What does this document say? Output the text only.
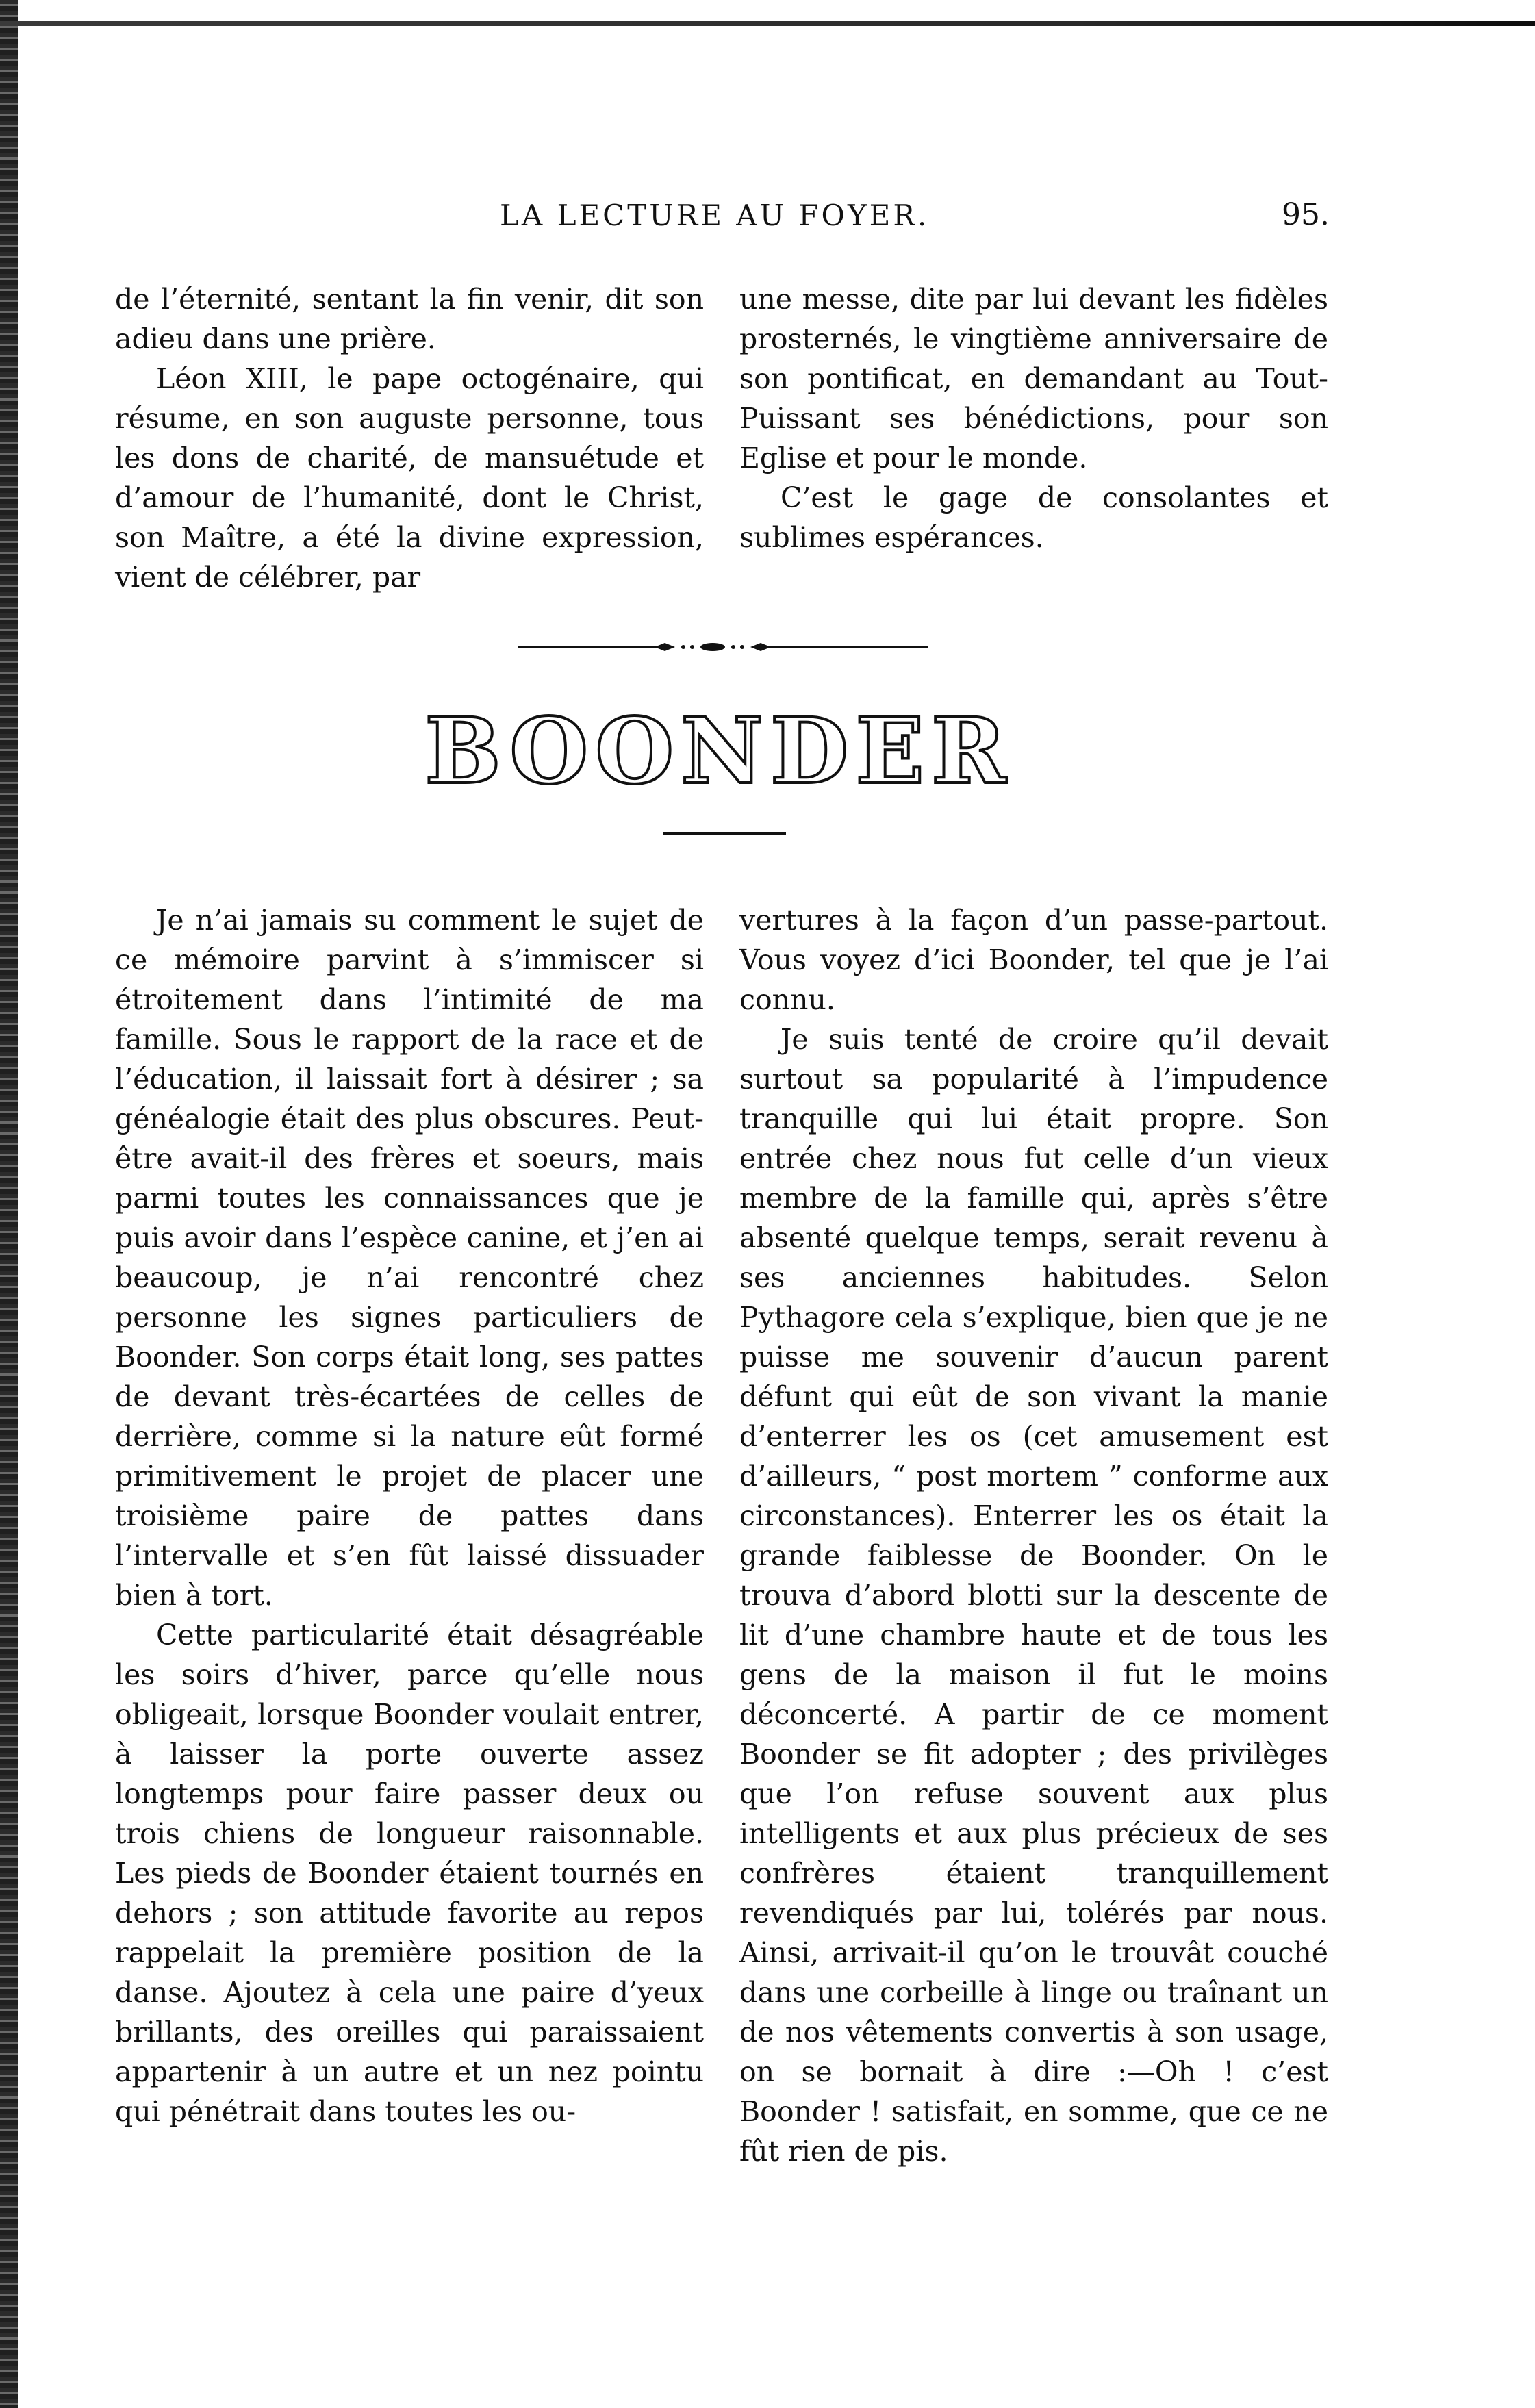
LA LECTURE AU FOYER.	95.

de l’éternité, sentant la fin venir, dit son adieu dans une prière.

Léon XIII, le pape octogénaire, qui résume, en son auguste personne, tous les dons de charité, de mansuétude et d’amour de l’humanité, dont le Christ, son Maître, a été la divine expression, vient de célébrer, par

une messe, dite par lui devant les fidèles prosternés, le vingtième anniversaire de son pontificat, en demandant au Tout-Puissant ses bénédictions, pour son Eglise et pour le monde.

C’est le gage de consolantes et sublimes espérances.

BOONDER

Je n’ai jamais su comment le sujet de ce mémoire parvint à s’immiscer si étroitement dans l’intimité de ma famille. Sous le rapport de la race et de l’éducation, il laissait fort à désirer ; sa généalogie était des plus obscures. Peut-être avait-il des frères et soeurs, mais parmi toutes les connaissances que je puis avoir dans l’espèce canine, et j’en ai beaucoup, je n’ai rencontré chez personne les signes particuliers de Boonder. Son corps était long, ses pattes de devant très-écartées de celles de derrière, comme si la nature eût formé primitivement le projet de placer une troisième paire de pattes dans l’intervalle et s’en fût laissé dissuader bien à tort.

Cette particularité était désagréable les soirs d’hiver, parce qu’elle nous obligeait, lorsque Boonder voulait entrer, à laisser la porte ouverte assez longtemps pour faire passer deux ou trois chiens de longueur raisonnable. Les pieds de Boonder étaient tournés en dehors ; son attitude favorite au repos rappelait la première position de la danse. Ajoutez à cela une paire d’yeux brillants, des oreilles qui paraissaient appartenir à un autre et un nez pointu qui pénétrait dans toutes les ou-

vertures à la façon d’un passe-partout. Vous voyez d’ici Boonder, tel que je l’ai connu.

Je suis tenté de croire qu’il devait surtout sa popularité à l’impudence tranquille qui lui était propre. Son entrée chez nous fut celle d’un vieux membre de la famille qui, après s’être absenté quelque temps, serait revenu à ses anciennes habitudes. Selon Pythagore cela s’explique, bien que je ne puisse me souvenir d’aucun parent défunt qui eût de son vivant la manie d’enterrer les os (cet amusement est d’ailleurs, “ post mortem ” conforme aux circonstances). Enterrer les os était la grande faiblesse de Boonder. On le trouva d’abord blotti sur la descente de lit d’une chambre haute et de tous les gens de la maison il fut le moins déconcerté. A partir de ce moment Boonder se fit adopter ; des privilèges que l’on refuse souvent aux plus intelligents et aux plus précieux de ses confrères étaient tranquillement revendiqués par lui, tolérés par nous. Ainsi, arrivait-il qu’on le trouvât couché dans une corbeille à linge ou traînant un de nos vêtements convertis à son usage, on se bornait à dire :—Oh ! c’est Boonder ! satisfait, en somme, que ce ne fût rien de pis.
